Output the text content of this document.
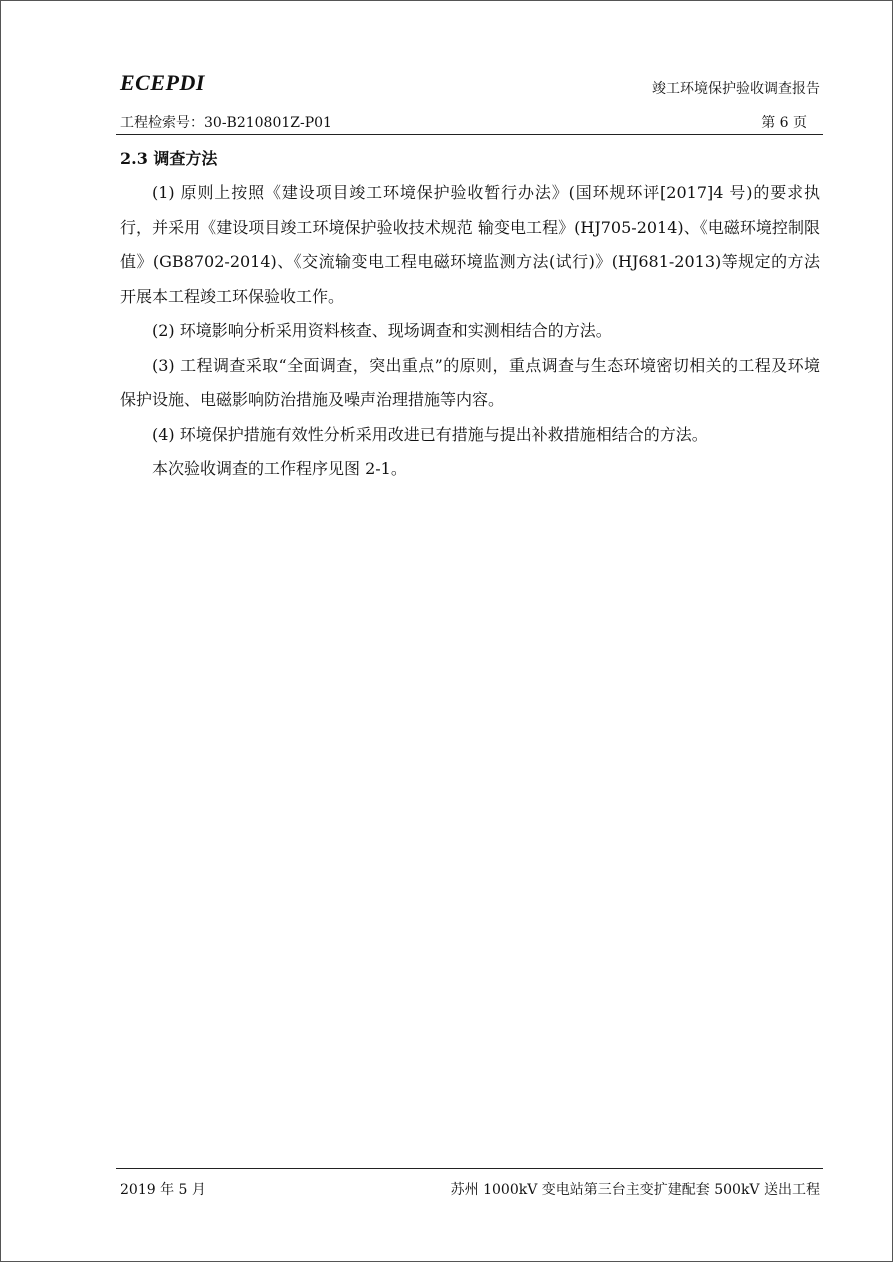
ECEPDI	竣工环境保护验收调查报告
工程检索号：30-B210801Z-P01	第 6 页
2.3 调查方法

(1) 原则上按照《建设项目竣工环境保护验收暂行办法》(国环规环评[2017]4 号)的要求执行，并采用《建设项目竣工环境保护验收技术规范 输变电工程》(HJ705-2014)、《电磁环境控制限值》(GB8702-2014)、《交流输变电工程电磁环境监测方法(试行)》(HJ681-2013)等规定的方法开展本工程竣工环保验收工作。

(2) 环境影响分析采用资料核查、现场调查和实测相结合的方法。

(3) 工程调查采取“全面调查，突出重点”的原则，重点调查与生态环境密切相关的工程及环境保护设施、电磁影响防治措施及噪声治理措施等内容。

(4) 环境保护措施有效性分析采用改进已有措施与提出补救措施相结合的方法。

本次验收调查的工作程序见图 2-1。

2019 年 5 月	苏州 1000kV 变电站第三台主变扩建配套 500kV 送出工程
